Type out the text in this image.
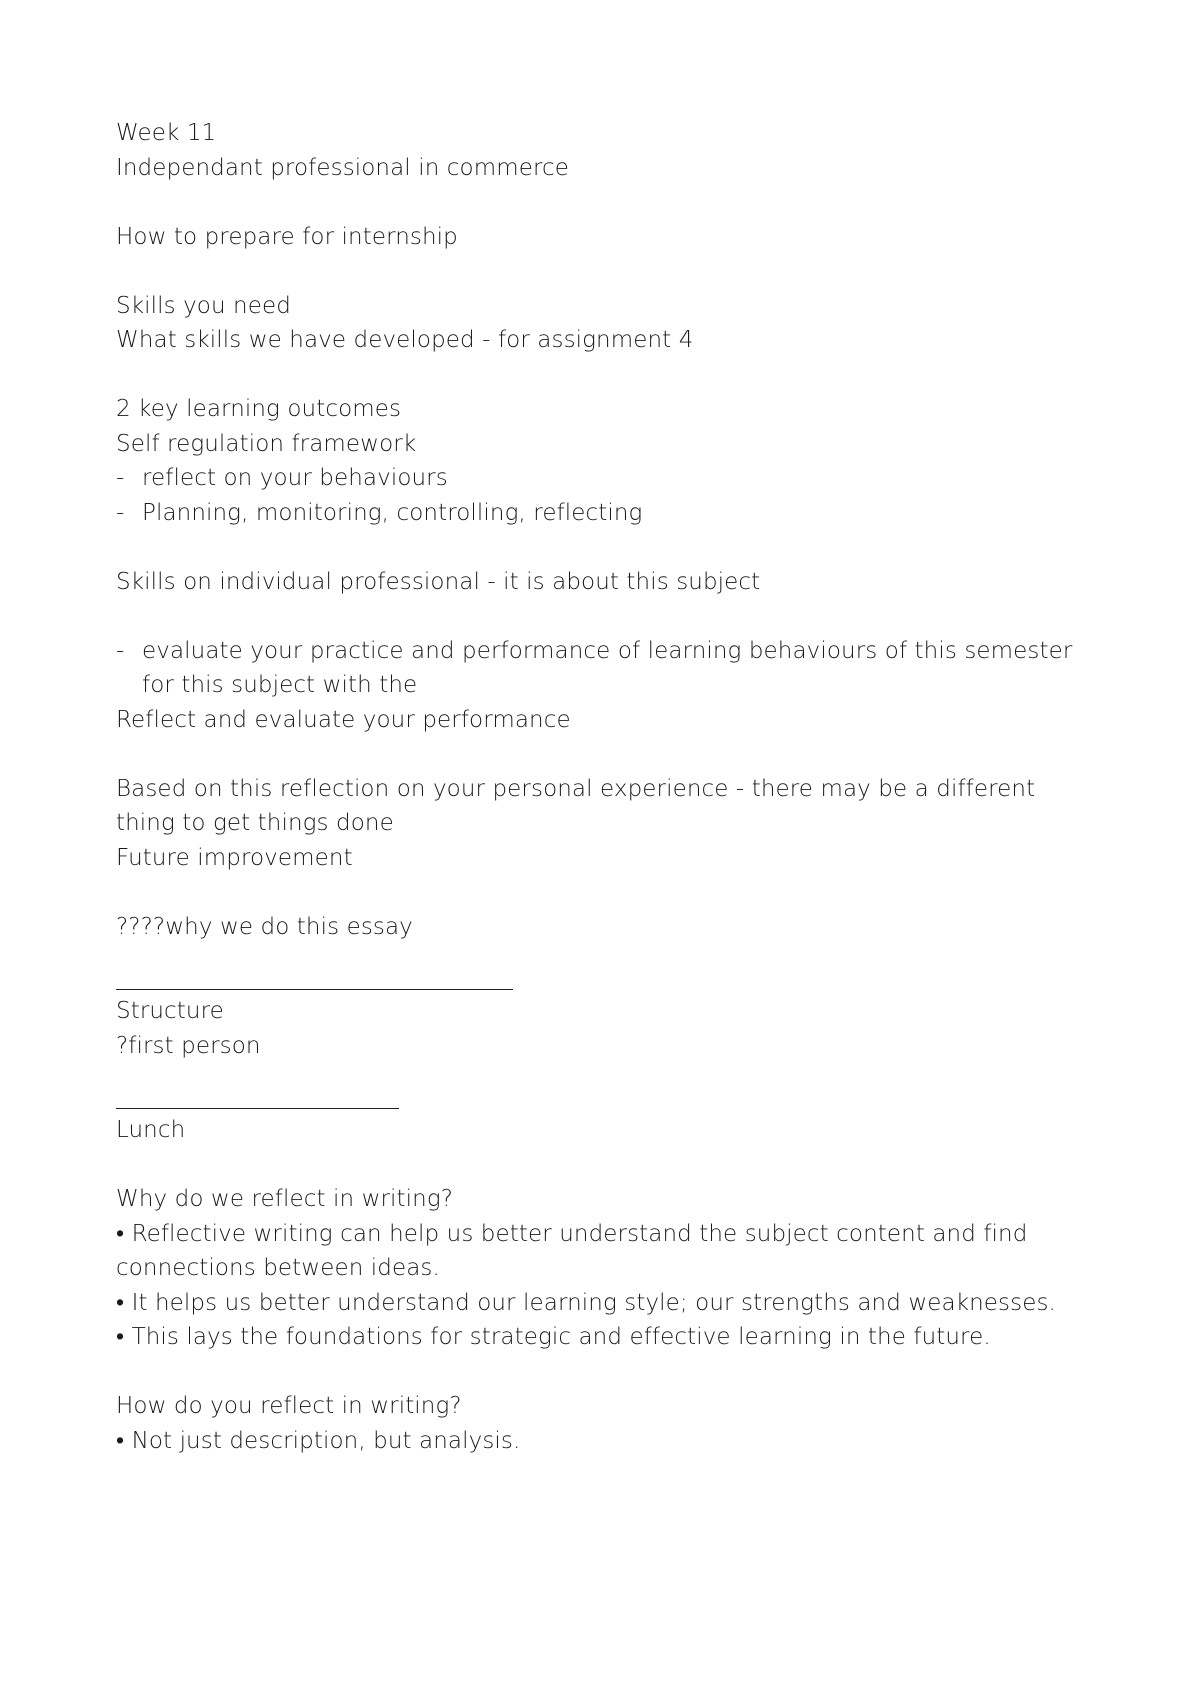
Week 11

Independant professional in commerce

How to prepare for internship

Skills you need

What skills we have developed - for assignment 4

2 key learning outcomes

Self regulation framework

- reflect on your behaviours

- Planning, monitoring, controlling, reflecting

Skills on individual professional - it is about this subject

- evaluate your practice and performance of learning behaviours of this semester for this subject with the

Reflect and evaluate your performance

Based on this reflection on your personal experience - there may be a different thing to get things done

Future improvement

????why we do this essay

Structure

?first person

Lunch

Why do we reflect in writing?

• Reflective writing can help us better understand the subject content and find connections between ideas.

• It helps us better understand our learning style; our strengths and weaknesses.

• This lays the foundations for strategic and effective learning in the future.

How do you reflect in writing?

• Not just description, but analysis.
